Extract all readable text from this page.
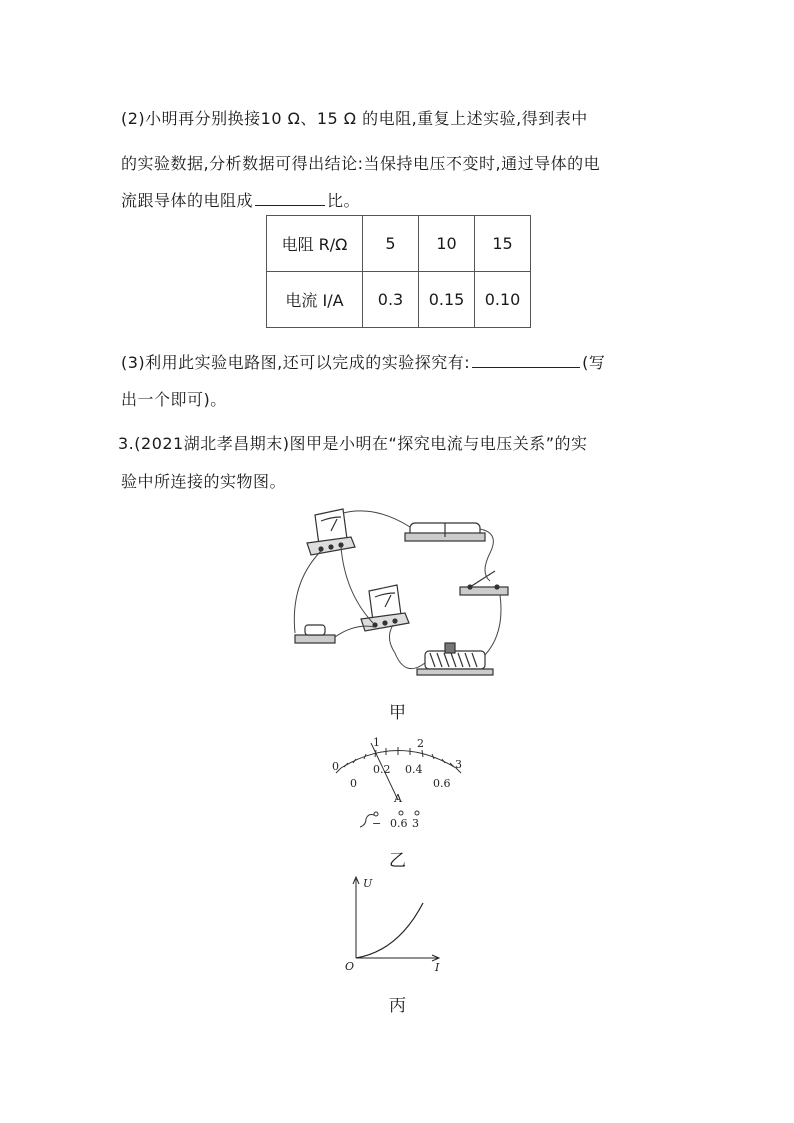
(2)小明再分别换接10 Ω、15 Ω 的电阻,重复上述实验,得到表中
的实验数据,分析数据可得出结论:当保持电压不变时,通过导体的电
流跟导体的电阻成	比。
电阻 R/Ω	5	10	15
电流 I/A	0.3	0.15	0.10
(3)利用此实验电路图,还可以完成的实验探究有:	(写
出一个即可)。
3.(2021湖北孝昌期末)图甲是小明在“探究电流与电压关系”的实
验中所连接的实物图。
甲
0
1	2
3
0
0.2 0.4
0.6
A
− 0.6 3
乙
U
I
O
丙
